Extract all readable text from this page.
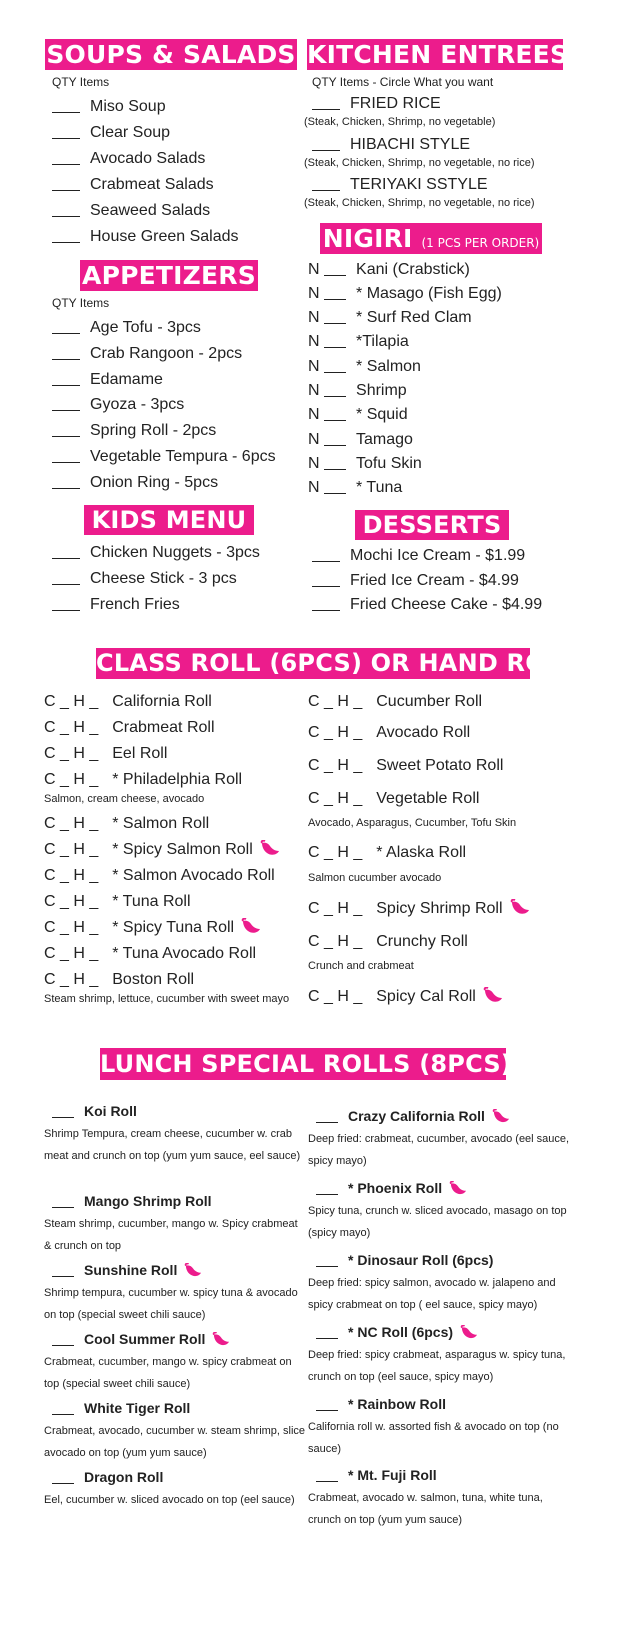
SOUPS & SALADS
QTY Items
Miso Soup
Clear Soup
Avocado Salads
Crabmeat Salads
Seaweed Salads
House Green Salads
KITCHEN ENTREES
QTY Items - Circle What you want
FRIED RICE
(Steak, Chicken, Shrimp, no vegetable)
HIBACHI STYLE
(Steak, Chicken, Shrimp, no vegetable, no rice)
TERIYAKI SSTYLE
(Steak, Chicken, Shrimp, no vegetable, no rice)
APPETIZERS
QTY Items
Age Tofu - 3pcs
Crab Rangoon - 2pcs
Edamame
Gyoza - 3pcs
Spring Roll - 2pcs
Vegetable Tempura - 6pcs
Onion Ring - 5pcs
NIGIRI (1 PCS PER ORDER)
N Kani (Crabstick)
N * Masago (Fish Egg)
N * Surf Red Clam
N *Tilapia
N * Salmon
N Shrimp
N * Squid
N Tamago
N Tofu Skin
N * Tuna
KIDS MENU
Chicken Nuggets - 3pcs
Cheese Stick - 3 pcs
French Fries
DESSERTS
Mochi Ice Cream - $1.99
Fried Ice Cream - $4.99
Fried Cheese Cake - $4.99
CLASS ROLL (6PCS) OR HAND ROLL
C _ H _ California Roll
C _ H _ Crabmeat Roll
C _ H _ Eel Roll
C _ H _ * Philadelphia Roll
Salmon, cream cheese, avocado
C _ H _ * Salmon Roll
C _ H _ * Spicy Salmon Roll
C _ H _ * Salmon Avocado Roll
C _ H _ * Tuna Roll
C _ H _ * Spicy Tuna Roll
C _ H _ * Tuna Avocado Roll
C _ H _ Boston Roll
Steam shrimp, lettuce, cucumber with sweet mayo
C _ H _ Cucumber Roll
C _ H _ Avocado Roll
C _ H _ Sweet Potato Roll
C _ H _ Vegetable Roll
Avocado, Asparagus, Cucumber, Tofu Skin
C _ H _ * Alaska Roll
Salmon cucumber avocado
C _ H _ Spicy Shrimp Roll
C _ H _ Crunchy Roll
Crunch and crabmeat
C _ H _ Spicy Cal Roll
LUNCH SPECIAL ROLLS (8PCS)
Koi Roll
Shrimp Tempura, cream cheese, cucumber w. crab meat and crunch on top (yum yum sauce, eel sauce)
Mango Shrimp Roll
Steam shrimp, cucumber, mango w. Spicy crabmeat & crunch on top
Sunshine Roll
Shrimp tempura, cucumber w. spicy tuna & avocado on top (special sweet chili sauce)
Cool Summer Roll
Crabmeat, cucumber, mango w. spicy crabmeat on top (special sweet chili sauce)
White Tiger Roll
Crabmeat, avocado, cucumber w. steam shrimp, slice avocado on top (yum yum sauce)
Dragon Roll
Eel, cucumber w. sliced avocado on top (eel sauce)
Crazy California Roll
Deep fried: crabmeat, cucumber, avocado (eel sauce, spicy mayo)
* Phoenix Roll
Spicy tuna, crunch w. sliced avocado, masago on top (spicy mayo)
* Dinosaur Roll (6pcs)
Deep fried: spicy salmon, avocado w. jalapeno and spicy crabmeat on top ( eel sauce, spicy mayo)
* NC Roll (6pcs)
Deep fried: spicy crabmeat, asparagus w. spicy tuna, crunch on top (eel sauce, spicy mayo)
* Rainbow Roll
California roll w. assorted fish & avocado on top (no sauce)
* Mt. Fuji Roll
Crabmeat, avocado w. salmon, tuna, white tuna, crunch on top (yum yum sauce)
